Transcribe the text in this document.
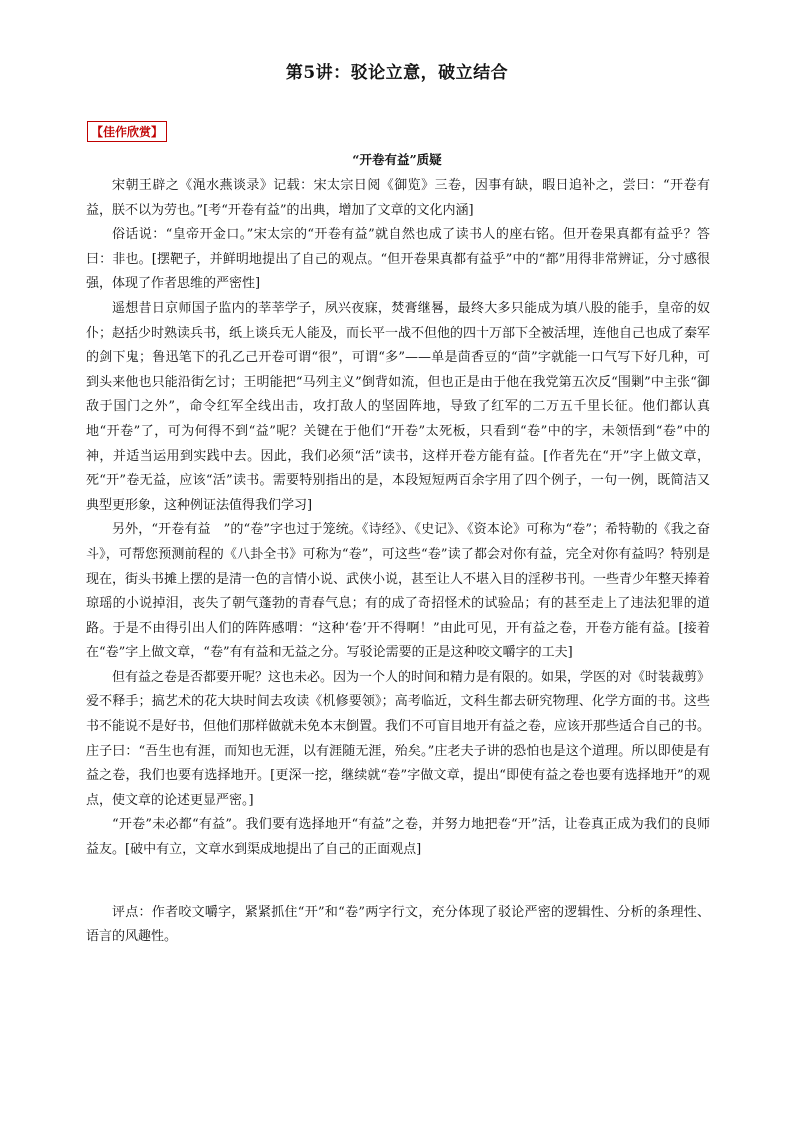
第5讲：驳论立意，破立结合
【佳作欣赏】
“开卷有益”质疑

宋朝王辟之《渑水燕谈录》记载：宋太宗日阅《御览》三卷，因事有缺，暇日追补之，尝曰：“开卷有益，朕不以为劳也。”[考“开卷有益”的出典，增加了文章的文化内涵]

俗话说：“皇帝开金口。”宋太宗的“开卷有益”就自然也成了读书人的座右铭。但开卷果真都有益乎？答曰：非也。[摆靶子，并鲜明地提出了自己的观点。“但开卷果真都有益乎”中的“都”用得非常辨证，分寸感很强，体现了作者思维的严密性]

遥想昔日京师国子监内的莘莘学子，夙兴夜寐，焚膏继晷，最终大多只能成为填八股的能手，皇帝的奴仆；赵括少时熟读兵书，纸上谈兵无人能及，而长平一战不但他的四十万部下全被活埋，连他自己也成了秦军的剑下鬼；鲁迅笔下的孔乙己开卷可谓“很”，可谓“多”——单是茴香豆的“茴”字就能一口气写下好几种，可到头来他也只能沿街乞讨；王明能把“马列主义”倒背如流，但也正是由于他在我党第五次反“围剿”中主张“御敌于国门之外”，命令红军全线出击，攻打敌人的坚固阵地，导致了红军的二万五千里长征。他们都认真地“开卷”了，可为何得不到“益”呢？关键在于他们“开卷”太死板，只看到“卷”中的字，未领悟到“卷”中的神，并适当运用到实践中去。因此，我们必须“活”读书，这样开卷方能有益。[作者先在“开”字上做文章，死“开”卷无益，应该“活”读书。需要特别指出的是，本段短短两百余字用了四个例子，一句一例，既简洁又典型更形象，这种例证法值得我们学习]

另外，“开卷有益　”的“卷”字也过于笼统。《诗经》、《史记》、《资本论》可称为“卷”；希特勒的《我之奋斗》，可帮您预测前程的《八卦全书》可称为“卷”，可这些“卷”读了都会对你有益，完全对你有益吗？特别是现在，街头书摊上摆的是清一色的言情小说、武侠小说，甚至让人不堪入目的淫秽书刊。一些青少年整天捧着琼瑶的小说掉泪，丧失了朝气蓬勃的青春气息；有的成了奇招怪术的试验品；有的甚至走上了违法犯罪的道路。于是不由得引出人们的阵阵感喟：“这种‘卷’开不得啊！”由此可见，开有益之卷，开卷方能有益。[接着在“卷”字上做文章，“卷”有有益和无益之分。写驳论需要的正是这种咬文嚼字的工夫]

但有益之卷是否都要开呢？这也未必。因为一个人的时间和精力是有限的。如果，学医的对《时装裁剪》爱不释手；搞艺术的花大块时间去攻读《机修要领》；高考临近，文科生都去研究物理、化学方面的书。这些书不能说不是好书，但他们那样做就未免本末倒置。我们不可盲目地开有益之卷，应该开那些适合自己的书。庄子曰：“吾生也有涯，而知也无涯，以有涯随无涯，殆矣。”庄老夫子讲的恐怕也是这个道理。所以即使是有益之卷，我们也要有选择地开。[更深一挖，继续就“卷”字做文章，提出“即使有益之卷也要有选择地开”的观点，使文章的论述更显严密。]

“开卷”未必都“有益”。我们要有选择地开“有益”之卷，并努力地把卷“开”活，让卷真正成为我们的良师益友。[破中有立，文章水到渠成地提出了自己的正面观点]

评点：作者咬文嚼字，紧紧抓住“开”和“卷”两字行文，充分体现了驳论严密的逻辑性、分析的条理性、语言的风趣性。
